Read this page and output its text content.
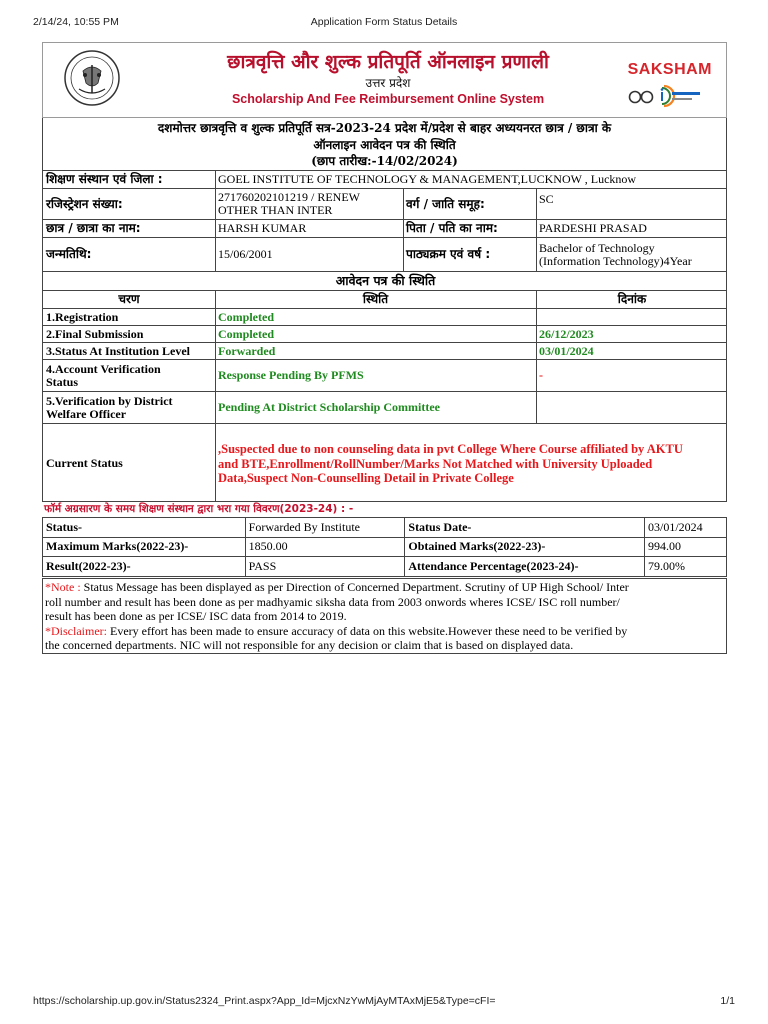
2/14/24, 10:55 PM	Application Form Status Details
छात्रवृत्ति और शुल्क प्रतिपूर्ति ऑनलाइन प्रणाली
उत्तर प्रदेश
Scholarship And Fee Reimbursement Online System
SAKSHAM
दशमोत्तर छात्रवृत्ति व शुल्क प्रतिपूर्ति सत्र-2023-24 प्रदेश में/प्रदेश से बाहर अध्ययनरत छात्र / छात्रा के
ऑनलाइन आवेदन पत्र की स्थिति
(छाप तारीख:-14/02/2024)
शिक्षण संस्थान एवं जिला :	GOEL INSTITUTE OF TECHNOLOGY & MANAGEMENT,LUCKNOW , Lucknow
रजिस्ट्रेशन संख्या:	271760202101219 / RENEW
OTHER THAN INTER	वर्ग / जाति समूह:	SC
छात्र / छात्रा का नाम:	HARSH KUMAR	पिता / पति का नाम:	PARDESHI PRASAD
जन्मतिथि:	15/06/2001	पाठ्यक्रम एवं वर्ष :	Bachelor of Technology
(Information Technology)4Year
आवेदन पत्र की स्थिति
चरण	स्थिति	दिनांक
1.Registration	Completed
2.Final Submission	Completed	26/12/2023
3.Status At Institution Level	Forwarded	03/01/2024
4.Account Verification
Status	Response Pending By PFMS	-
5.Verification by District
Welfare Officer	Pending At District Scholarship Committee
Current Status
,Suspected due to non counseling data in pvt College Where Course affiliated by AKTU
and BTE,Enrollment/RollNumber/Marks Not Matched with University Uploaded
Data,Suspect Non-Counselling Detail in Private College
फॉर्म अग्रसारण के समय शिक्षण संस्थान द्वारा भरा गया विवरण(2023-24) : -
Status-	Forwarded By Institute	Status Date-	03/01/2024
Maximum Marks(2022-23)-	1850.00	Obtained Marks(2022-23)-	994.00
Result(2022-23)-	PASS	Attendance Percentage(2023-24)-	79.00%
*Note : Status Message has been displayed as per Direction of Concerned Department. Scrutiny of UP High School/ Inter
roll number and result has been done as per madhyamic siksha data from 2003 onwords wheres ICSE/ ISC roll number/
result has been done as per ICSE/ ISC data from 2014 to 2019.
*Disclaimer: Every effort has been made to ensure accuracy of data on this website.However these need to be verified by
the concerned departments. NIC will not responsible for any decision or claim that is based on displayed data.
https://scholarship.up.gov.in/Status2324_Print.aspx?App_Id=MjcxNzYwMjAyMTAxMjE5&Type=cFI=	1/1
